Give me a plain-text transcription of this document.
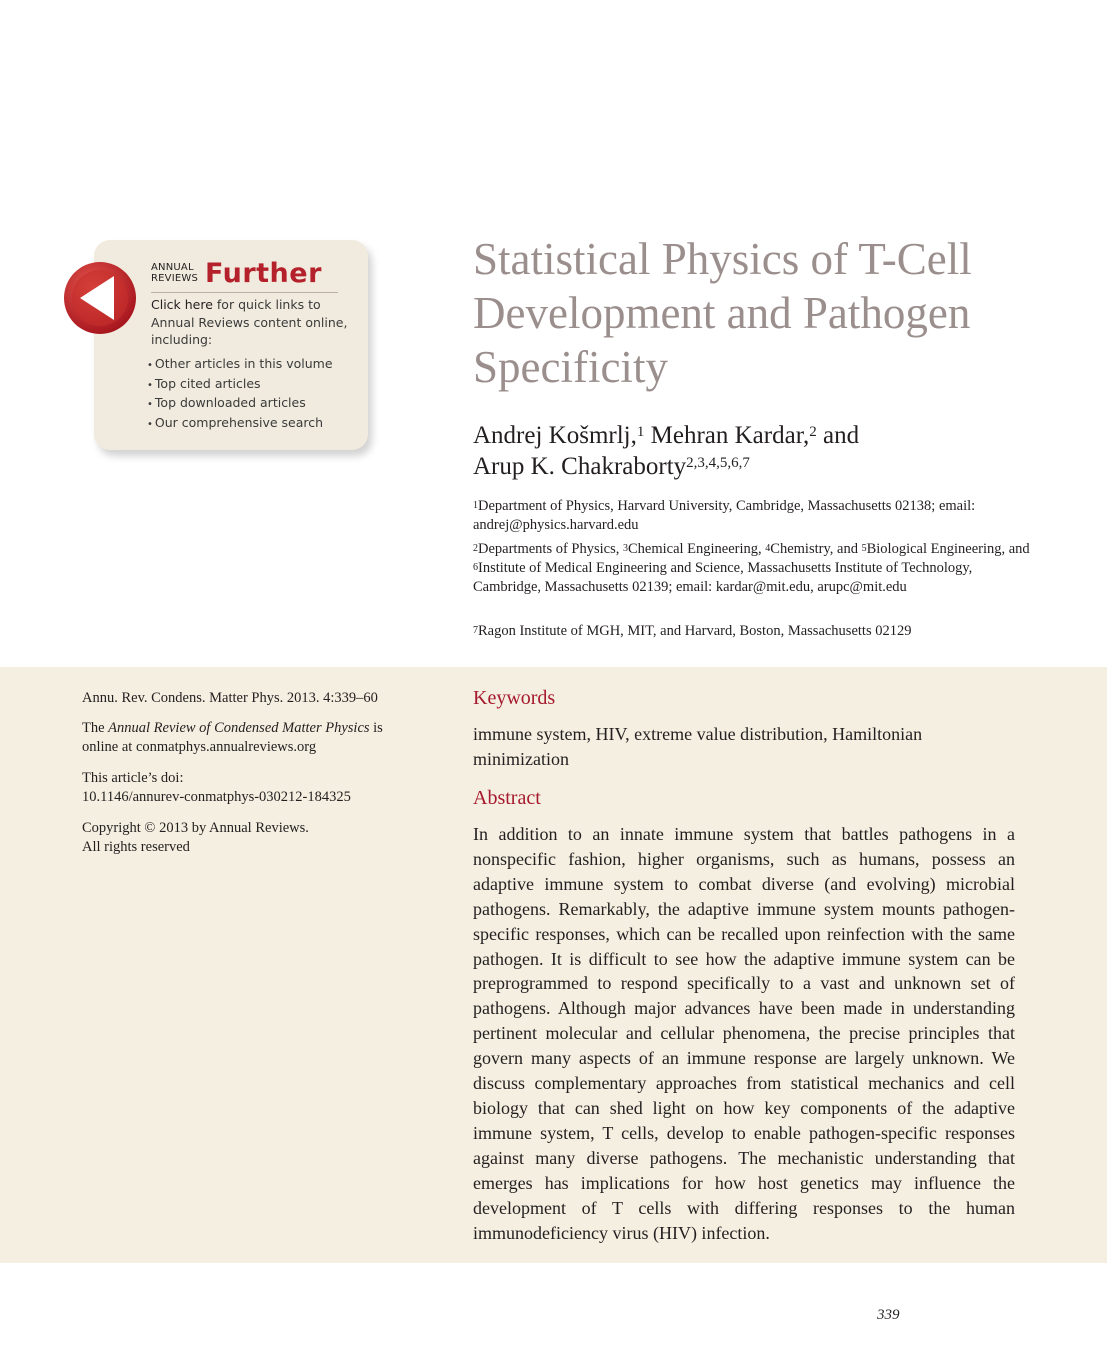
ANNUAL
REVIEWS Further
Click here for quick links to Annual Reviews content online, including:
• Other articles in this volume
• Top cited articles
• Top downloaded articles
• Our comprehensive search
Statistical Physics of T-Cell Development and Pathogen Specificity
Andrej Košmrlj,$^1$ Mehran Kardar,$^2$ and
Arup K. Chakraborty$^{2,3,4,5,6,7}$
$^1$Department of Physics, Harvard University, Cambridge, Massachusetts 02138; email: andrej@physics.harvard.edu
$^2$Departments of Physics, $^3$Chemical Engineering, $^4$Chemistry, and $^5$Biological Engineering, and $^6$Institute of Medical Engineering and Science, Massachusetts Institute of Technology, Cambridge, Massachusetts 02139; email: kardar@mit.edu, arupc@mit.edu
$^7$Ragon Institute of MGH, MIT, and Harvard, Boston, Massachusetts 02129
Annu. Rev. Condens. Matter Phys. 2013. 4:339–60
The Annual Review of Condensed Matter Physics is online at conmatphys.annualreviews.org
This article’s doi:
10.1146/annurev-conmatphys-030212-184325
Copyright © 2013 by Annual Reviews.
All rights reserved
Keywords
immune system, HIV, extreme value distribution, Hamiltonian minimization
Abstract
In addition to an innate immune system that battles pathogens in a nonspecific fashion, higher organisms, such as humans, possess an adaptive immune system to combat diverse (and evolving) microbial pathogens. Remarkably, the adaptive immune system mounts pathogen-specific responses, which can be recalled upon reinfection with the same pathogen. It is difficult to see how the adaptive immune system can be preprogrammed to respond specifically to a vast and unknown set of pathogens. Although major advances have been made in understanding pertinent molecular and cellular phenomena, the precise principles that govern many aspects of an immune response are largely unknown. We discuss complementary approaches from statistical mechanics and cell biology that can shed light on how key components of the adaptive immune system, T cells, develop to enable pathogen-specific responses against many diverse pathogens. The mechanistic understanding that emerges has implications for how host genetics may influence the development of T cells with differing responses to the human immunodeficiency virus (HIV) infection.
339
